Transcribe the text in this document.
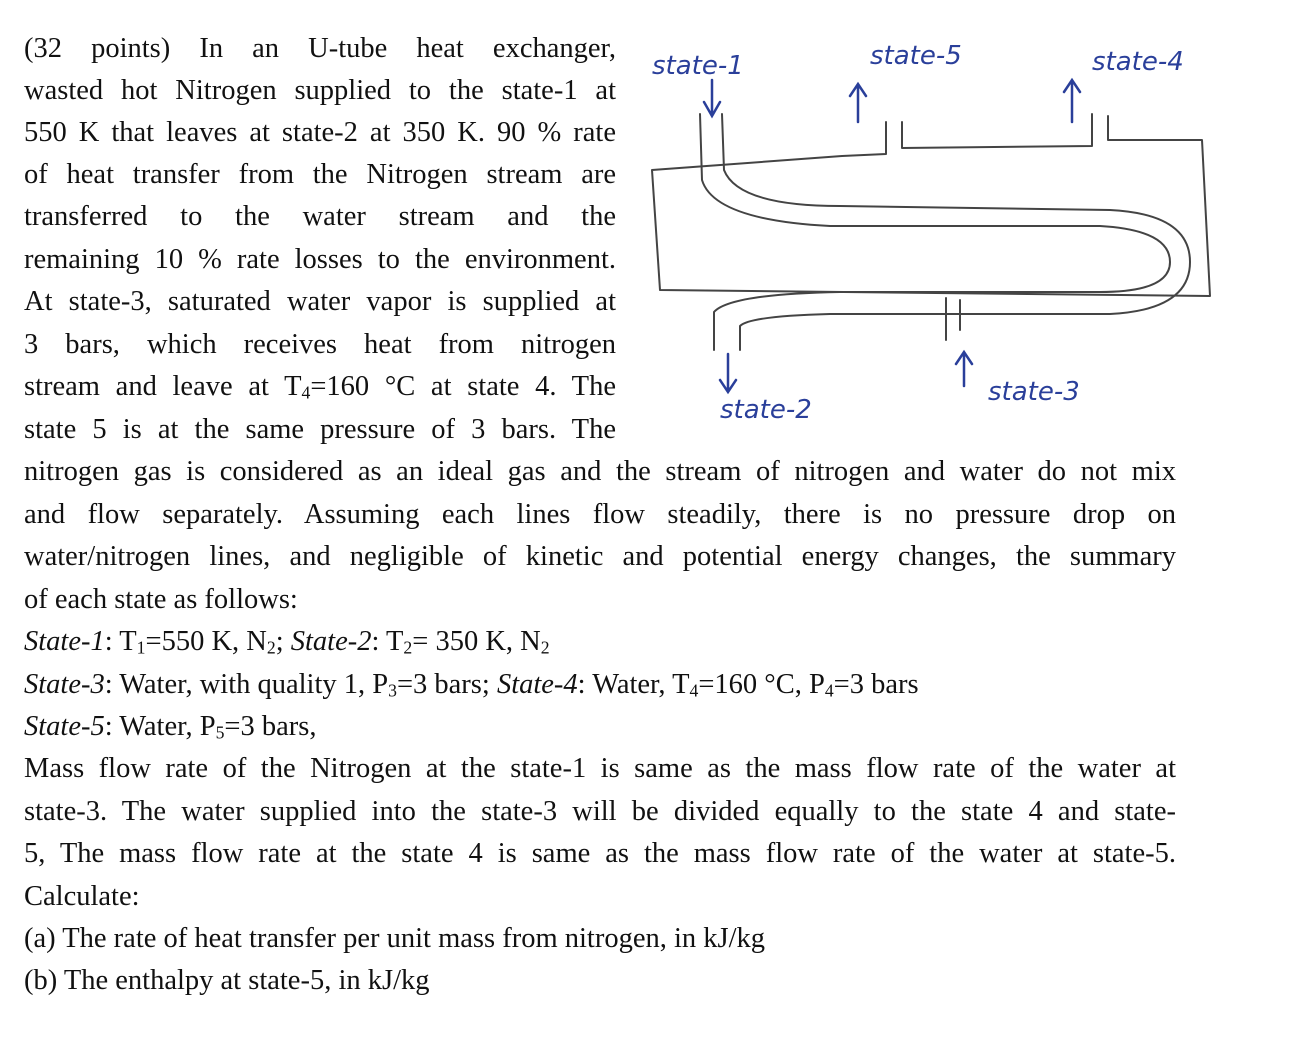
(32 points) In an U-tube heat exchanger,
wasted hot Nitrogen supplied to the state-1 at
550 K that leaves at state-2 at 350 K. 90 % rate
of heat transfer from the Nitrogen stream are
transferred to the water stream and the
remaining 10 % rate losses to the environment.
At state-3, saturated water vapor is supplied at
3 bars, which receives heat from nitrogen
stream and leave at $T_4=160$ °C at state 4. The
state 5 is at the same pressure of 3 bars. The
nitrogen gas is considered as an ideal gas and the stream of nitrogen and water do not mix
and flow separately. Assuming each lines flow steadily, there is no pressure drop on
water/nitrogen lines, and negligible of kinetic and potential energy changes, the summary
of each state as follows:
State-1: $T_1=550$ K, $N_2$; State-2: $T_2= 350$ K, $N_2$
State-3: Water, with quality 1, $P_3=3$ bars; State-4: Water, $T_4=160$ °C, $P_4=3$ bars
State-5: Water, $P_5=3$ bars,
Mass flow rate of the Nitrogen at the state-1 is same as the mass flow rate of the water at
state-3. The water supplied into the state-3 will be divided equally to the state 4 and state-
5, The mass flow rate at the state 4 is same as the mass flow rate of the water at state-5.
Calculate:
(a) The rate of heat transfer per unit mass from nitrogen, in kJ/kg
(b) The enthalpy at state-5, in kJ/kg
state-1	state-5	state-4
state-2
state-3
